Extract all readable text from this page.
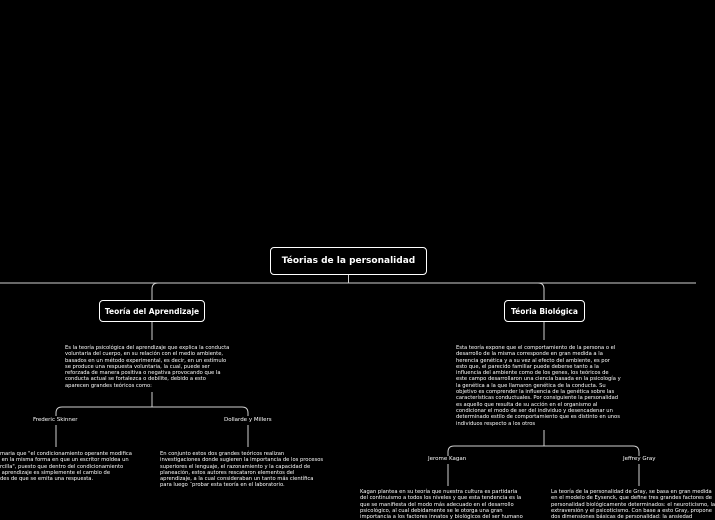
Téorias de la personalidad
Teoría del Aprendizaje	Téoria Biológica
Es la teoría psicológica del aprendizaje que explica la conducta
voluntaria del cuerpo, en su relación con el medio ambiente,
basados en un método experimental, es decir, en un estímulo
se produce una respuesta voluntaria, la cual, puede ser
reforzada de manera positiva o negativa provocando que la
conducta actual se fortalezca o debilite, debido a esto
aparecen grandes teóricos como:
Frederic Skinner	Dollarde y Millers
maria que "el condicionamiento operante modifica
en la misma forma en que un escritor moldea un
rcilla", puesto que dentro del condicionamiento
aprendizaje es simplemente el cambio de
des de que se emita una respuesta.
En conjunto estos dos grandes teóricos realizan
investigaciones donde sugieren la importancia de los procesos
superiores el lenguaje, el razonamiento y la capacidad de
planeación, estos autores rescataron elementos del
aprendizaje, a la cual consideraban un tanto más científica
para luego ¨probar esta teoría en el laboratorio.
Esta teoría expone que el comportamiento de la persona o el
desarrollo de la misma corresponde en gran medida a la
herencia genética y a su vez al efecto del ambiente, es por
esto que, el parecido familiar puede deberse tanto a la
influencia del ambiente como de los genes, los teóricos de
este campo desarrollaron una ciencia basada en la psicología y
la genética a la que llamaron genética de la conducta. Su
objetivo es comprender la influencia de la genética sobre las
características conductuales. Por consiguiente la personalidad
es aquello que resulta de su acción en el organismo al
condicionar el modo de ser del individuo y desencadenar un
determinado estilo de comportamiento que es distinto en unos
individuos respecto a los otros
Jerome Kagan	Jeffrey Gray
Kagan plantea en su teoría que nuestra cultura es partidaria
del continuismo a todos los niveles y que esta tendencia es la
que se manifiesta del modo más adecuado en el desarrollo
psicológico, al cual debidamente se le otorga una gran
importancia a los factores innatos y biológicos del ser humano
La teoría de la personalidad de Gray, se basa en gran medida
en el modelo de Eysenck, que define tres grandes factores de
personalidad biológicamente determinados: el neuroticismo, la
extraversión y el psicoticismo. Con base a esto Gray, propone
dos dimensiones básicas de personalidad: la ansiedad
